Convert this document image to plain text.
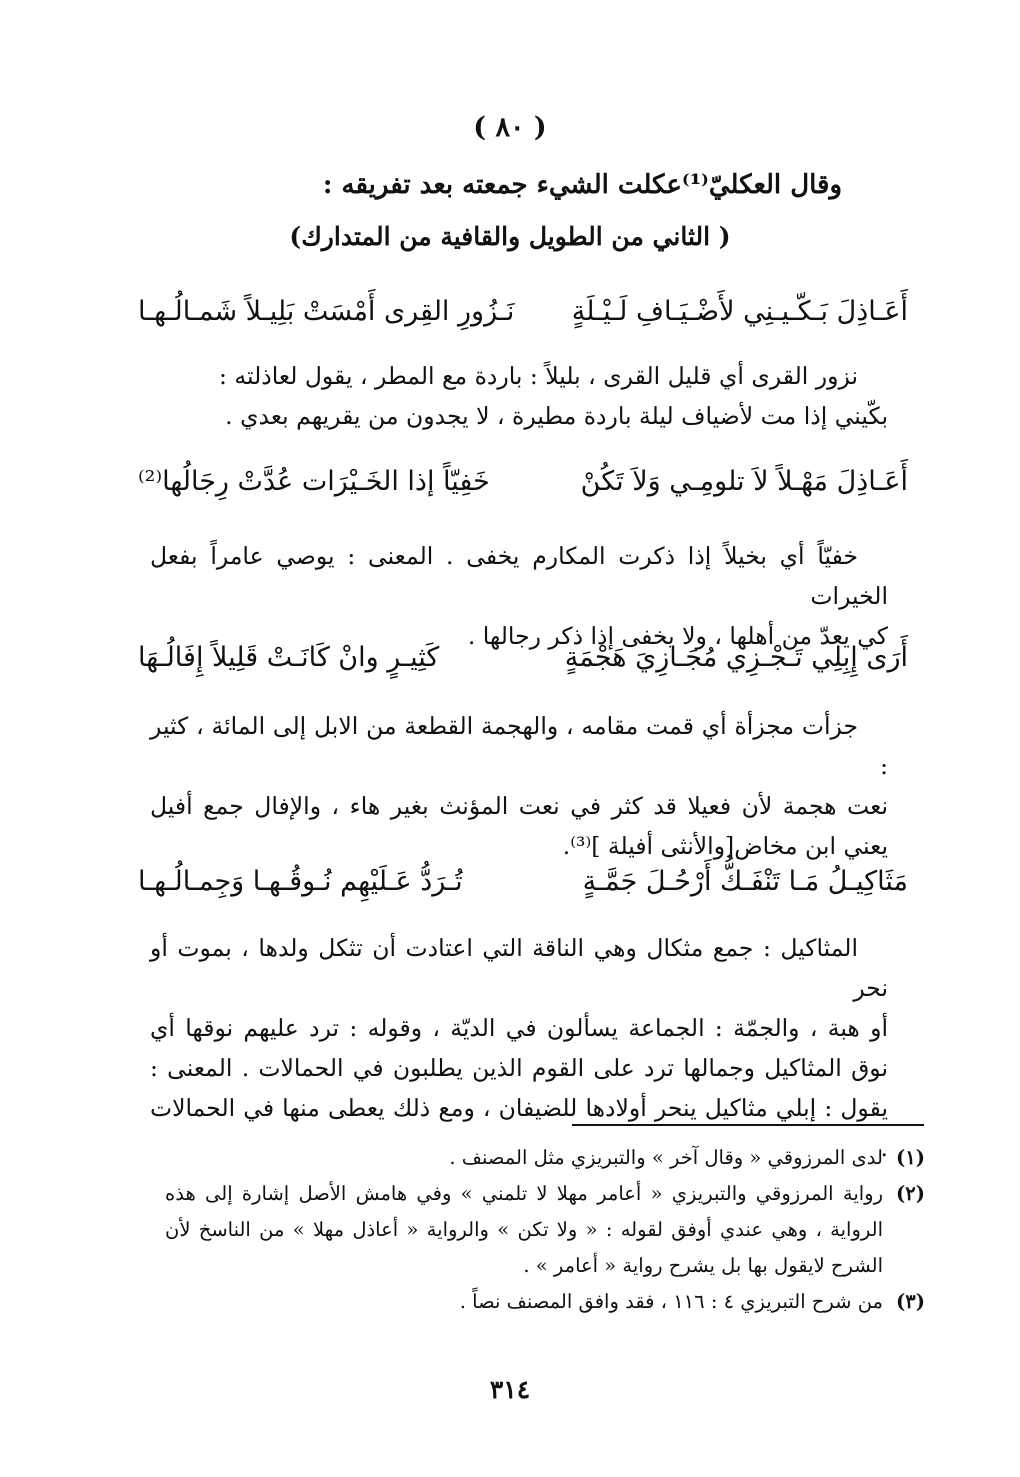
( ٨٠ )
وقال العكليّ⁽¹⁾عكلت الشيء جمعته بعد تفريقه :
( الثاني من الطويل والقافية من المتدارك)
أَعَـاذِلَ بَـكّـيـنِي لأَضْـيَـافِ لَـيْـلَةٍ
نَـزُورِ القِرى أَمْسَتْ بَلِيـلاً شَمـالُـهـا

نزور القرى أي قليل القرى ، بليلاً : باردة مع المطر ، يقول لعاذلته :

بكّيني إذا مت لأضياف ليلة باردة مطيرة ، لا يجدون من يقريهم بعدي .

أَعَـاذِلَ مَهْـلاً لاَ تلومِـي وَلاَ تَكُنْ
خَفِيّاً إذا الخَـيْرَات عُدَّتْ رِجَالُها⁽²⁾

خفيّاً أي بخيلاً إذا ذكرت المكارم يخفى . المعنى : يوصي عامراً بفعل الخيرات

كي يعدّ من أهلها ، ولا يخفى إذا ذكر رجالها .

أَرَى إِبِلِي تَـجْـزِي مُجَـازِيَ هَجْمَةٍ
كَثِيـرٍ وانْ كَانَـتْ قَلِيلاً إِفَالُـهَا

جزأت مجزأة أي قمت مقامه ، والهجمة القطعة من الابل إلى المائة ، كثير :

نعت هجمة لأن فعيلا قد كثر في نعت المؤنث بغير هاء ، والإفال جمع أفيل يعني ابن مخاض[والأنثى أفيلة ]⁽³⁾.

مَثَاكِيـلُ مَـا تَنْفَـكُّ أَرْحُـلَ جَمَّـةٍ
تُـرَدُّ عَـلَيْهِم نُـوقُـهـا وَجِمـالُـهـا

المثاكيل : جمع مثكال وهي الناقة التي اعتادت أن تثكل ولدها ، بموت أو نحر

أو هبة ، والجمّة : الجماعة يسألون في الديّة ، وقوله : ترد عليهم نوقها أي نوق المثاكيل وجمالها ترد على القوم الذين يطلبون في الحمالات . المعنى : يقول : إبلي مثاكيل ينحر أولادها للضيفان ، ومع ذلك يعطى منها في الحمالات . (١)
لدى المرزوقي « وقال آخر » والتبريزي مثل المصنف .
(٢)
رواية المرزوقي والتبريزي « أعامر مهلا لا تلمني » وفي هامش الأصل إشارة إلى هذه الرواية ، وهي عندي أوفق لقوله : « ولا تكن » والرواية « أعاذل مهلا » من الناسخ لأن الشرح لايقول بها بل يشرح رواية « أعامر » .
(٣)
من شرح التبريزي ٤ : ١١٦ ، فقد وافق المصنف نصاً .
٣١٤
